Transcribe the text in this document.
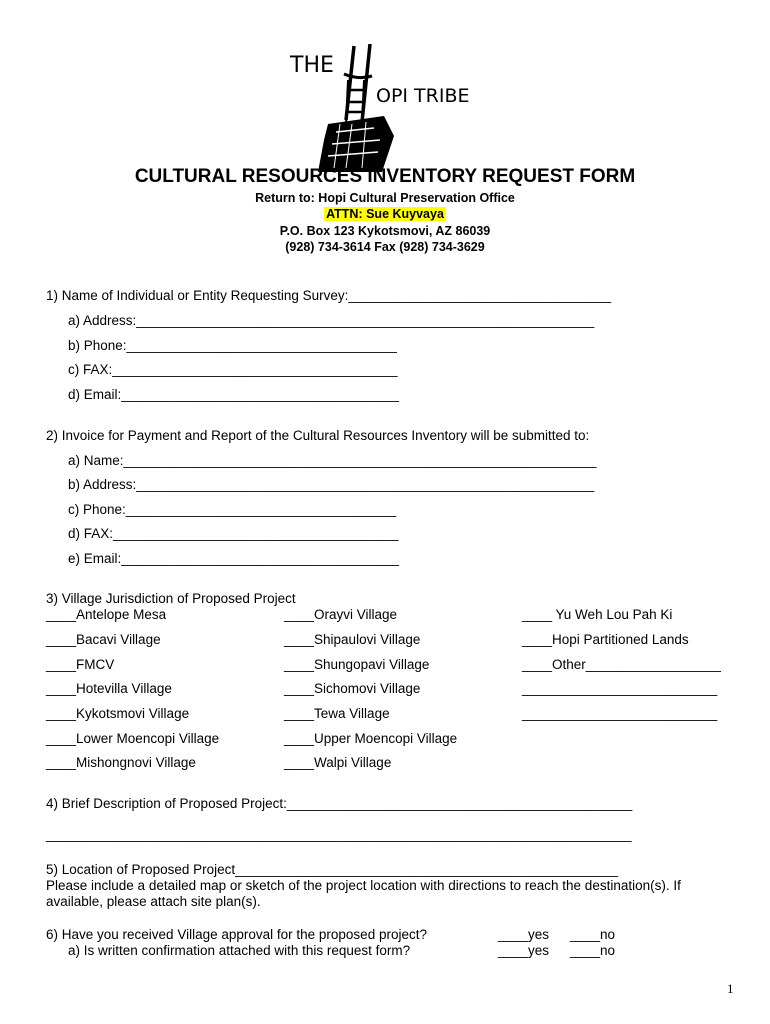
THE
OPI TRIBE
CULTURAL RESOURCES INVENTORY REQUEST FORM
Return to: Hopi Cultural Preservation Office
ATTN: Sue Kuyvaya
P.O. Box 123 Kykotsmovi, AZ 86039
(928) 734-3614 Fax (928) 734-3629
1) Name of Individual or Entity Requesting Survey:___________________________________
a) Address:_____________________________________________________________
b) Phone:____________________________________
c) FAX:______________________________________
d) Email:_____________________________________
2) Invoice for Payment and Report of the Cultural Resources Inventory will be submitted to:
a) Name:_______________________________________________________________
b) Address:_____________________________________________________________
c) Phone:____________________________________
d) FAX:______________________________________
e) Email:_____________________________________
3) Village Jurisdiction of Proposed Project
____Antelope Mesa
____Bacavi Village
____FMCV
____Hotevilla Village
____Kykotsmovi Village
____Lower Moencopi Village
____Mishongnovi Village
____Orayvi Village
____Shipaulovi Village
____Shungopavi Village
____Sichomovi Village
____Tewa Village
____Upper Moencopi Village
____Walpi Village
____ Yu Weh Lou Pah Ki
____Hopi Partitioned Lands
____Other__________________
__________________________
__________________________
4) Brief Description of Proposed Project:______________________________________________
______________________________________________________________________________
5) Location of Proposed Project___________________________________________________
Please include a detailed map or sketch of the project location with directions to reach the destination(s). If
available, please attach site plan(s).
6) Have you received Village approval for the proposed project?	____yes ____no
a) Is written confirmation attached with this request form?	____yes ____no
1
